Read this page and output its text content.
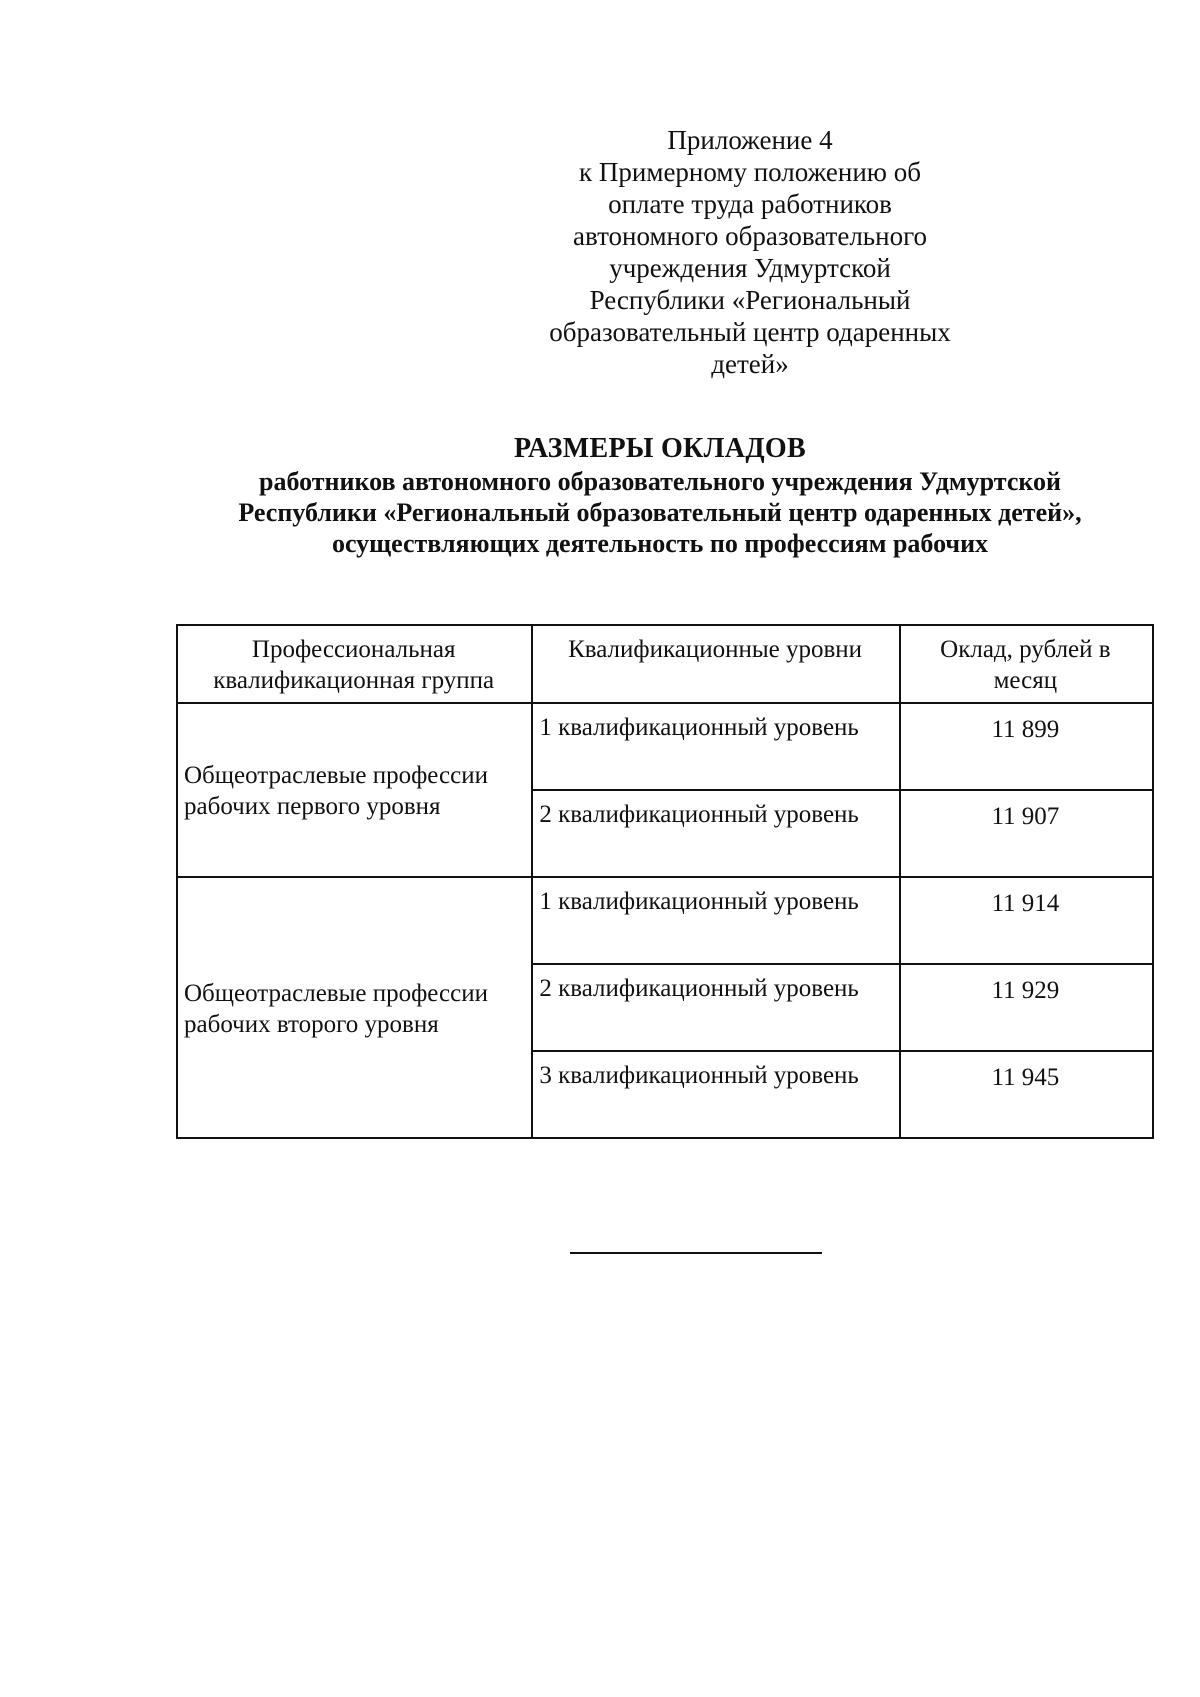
Приложение 4
к Примерному положению об
оплате труда работников
автономного образовательного
учреждения Удмуртской
Республики «Региональный
образовательный центр одаренных
детей»
РАЗМЕРЫ ОКЛАДОВ
работников автономного образовательного учреждения Удмуртской
Республики «Региональный образовательный центр одаренных детей»,
осуществляющих деятельность по профессиям рабочих
Профессиональная квалификационная группа	Квалификационные уровни	Оклад, рублей в месяц
Общеотраслевые профессии рабочих первого уровня	1 квалификационный уровень	11 899
	2 квалификационный уровень	11 907
Общеотраслевые профессии рабочих второго уровня	1 квалификационный уровень	11 914
	2 квалификационный уровень	11 929
	3 квалификационный уровень	11 945
